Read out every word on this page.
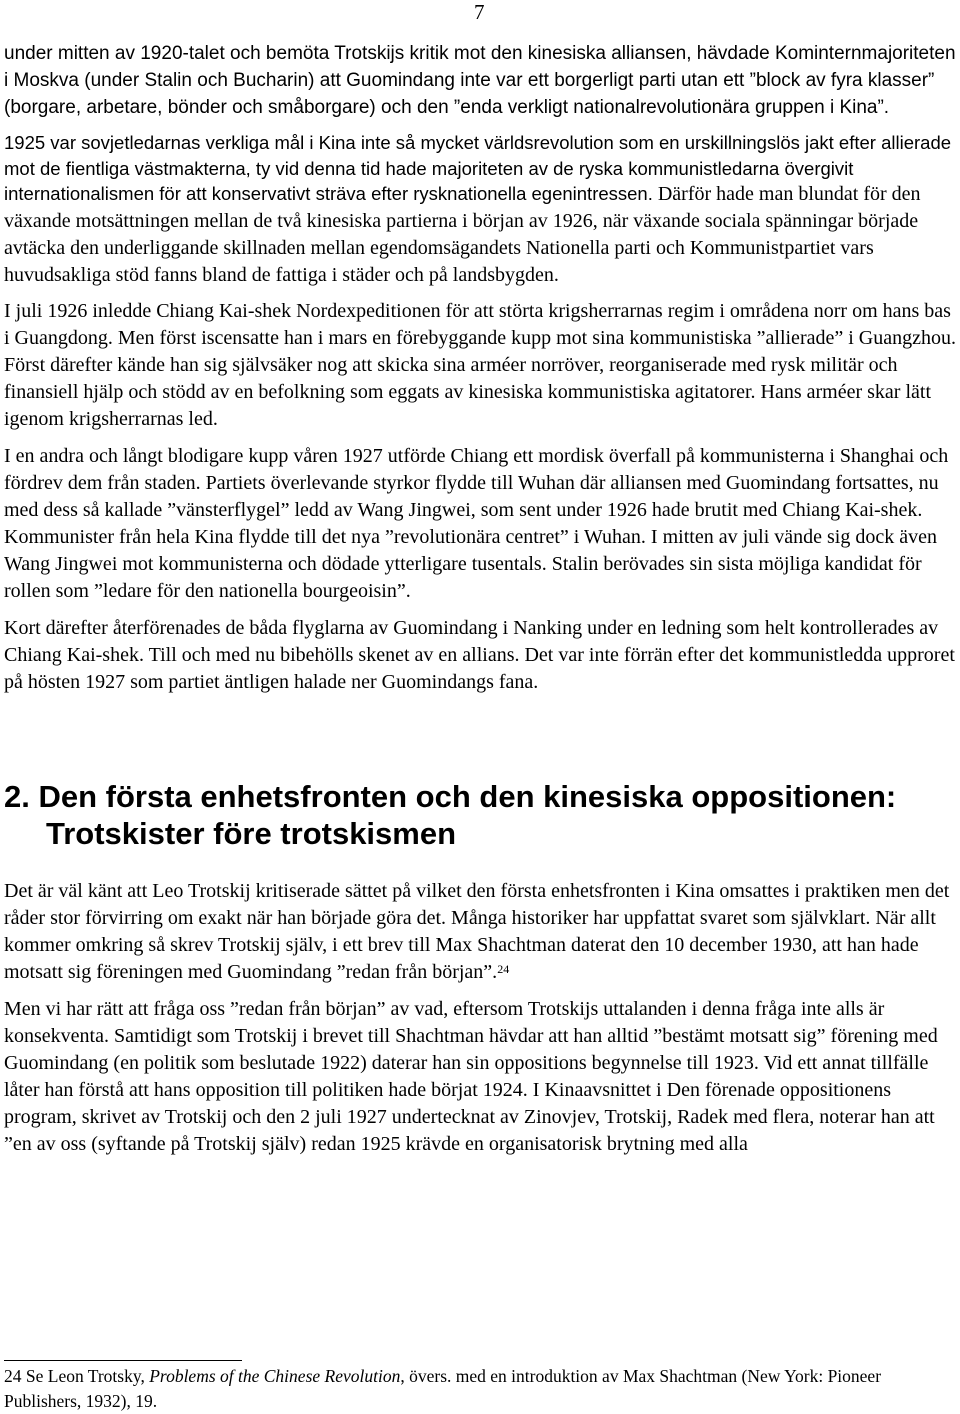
7

under mitten av 1920-talet och bemöta Trotskijs kritik mot den kinesiska alliansen, hävdade Kominternmajoriteten i Moskva (under Stalin och Bucharin) att Guomindang inte var ett borgerligt parti utan ett ”block av fyra klasser” (borgare, arbetare, bönder och småborgare) och den ”enda verkligt nationalrevolutionära gruppen i Kina”.

1925 var sovjetledarnas verkliga mål i Kina inte så mycket världsrevolution som en urskillningslös jakt efter allierade mot de fientliga västmakterna, ty vid denna tid hade majoriteten av de ryska kommunistledarna övergivit internationalismen för att konservativt sträva efter rysknationella egenintressen. Därför hade man blundat för den växande motsättningen mellan de två kinesiska partierna i början av 1926, när växande sociala spänningar började avtäcka den underliggande skillnaden mellan egendomsägandets Nationella parti och Kommunistpartiet vars huvudsakliga stöd fanns bland de fattiga i städer och på landsbygden.

I juli 1926 inledde Chiang Kai-shek Nordexpeditionen för att störta krigsherrarnas regim i områdena norr om hans bas i Guangdong. Men först iscensatte han i mars en förebyggande kupp mot sina kommunistiska ”allierade” i Guangzhou. Först därefter kände han sig självsäker nog att skicka sina arméer norröver, reorganiserade med rysk militär och finansiell hjälp och stödd av en befolkning som eggats av kinesiska kommunistiska agitatorer. Hans arméer skar lätt igenom krigsherrarnas led.

I en andra och långt blodigare kupp våren 1927 utförde Chiang ett mordisk överfall på kommunisterna i Shanghai och fördrev dem från staden. Partiets överlevande styrkor flydde till Wuhan där alliansen med Guomindang fortsattes, nu med dess så kallade ”vänsterflygel” ledd av Wang Jingwei, som sent under 1926 hade brutit med Chiang Kai-shek. Kommunister från hela Kina flydde till det nya ”revolutionära centret” i Wuhan. I mitten av juli vände sig dock även Wang Jingwei mot kommunisterna och dödade ytterligare tusentals. Stalin berövades sin sista möjliga kandidat för rollen som ”ledare för den nationella bourgeoisin”.

Kort därefter återförenades de båda flyglarna av Guomindang i Nanking under en ledning som helt kontrollerades av Chiang Kai-shek. Till och med nu bibehölls skenet av en allians. Det var inte förrän efter det kommunistledda upproret på hösten 1927 som partiet äntligen halade ner Guomindangs fana.

2. Den första enhetsfronten och den kinesiska oppositionen:
Trotskister före trotskismen

Det är väl känt att Leo Trotskij kritiserade sättet på vilket den första enhetsfronten i Kina omsattes i praktiken men det råder stor förvirring om exakt när han började göra det. Många historiker har uppfattat svaret som självklart. När allt kommer omkring så skrev Trotskij själv, i ett brev till Max Shachtman daterat den 10 december 1930, att han hade motsatt sig föreningen med Guomindang ”redan från början”.$^{24}$

Men vi har rätt att fråga oss ”redan från början” av vad, eftersom Trotskijs uttalanden i denna fråga inte alls är konsekventa. Samtidigt som Trotskij i brevet till Shachtman hävdar att han alltid ”bestämt motsatt sig” förening med Guomindang (en politik som beslutade 1922) daterar han sin oppositions begynnelse till 1923. Vid ett annat tillfälle låter han förstå att hans opposition till politiken hade börjat 1924. I Kinaavsnittet i Den förenade oppositionens program, skrivet av Trotskij och den 2 juli 1927 undertecknat av Zinovjev, Trotskij, Radek med flera, noterar han att ”en av oss (syftande på Trotskij själv) redan 1925 krävde en organisatorisk brytning med alla

24 Se Leon Trotsky, Problems of the Chinese Revolution, övers. med en introduktion av Max Shachtman (New York: Pioneer Publishers, 1932), 19.
